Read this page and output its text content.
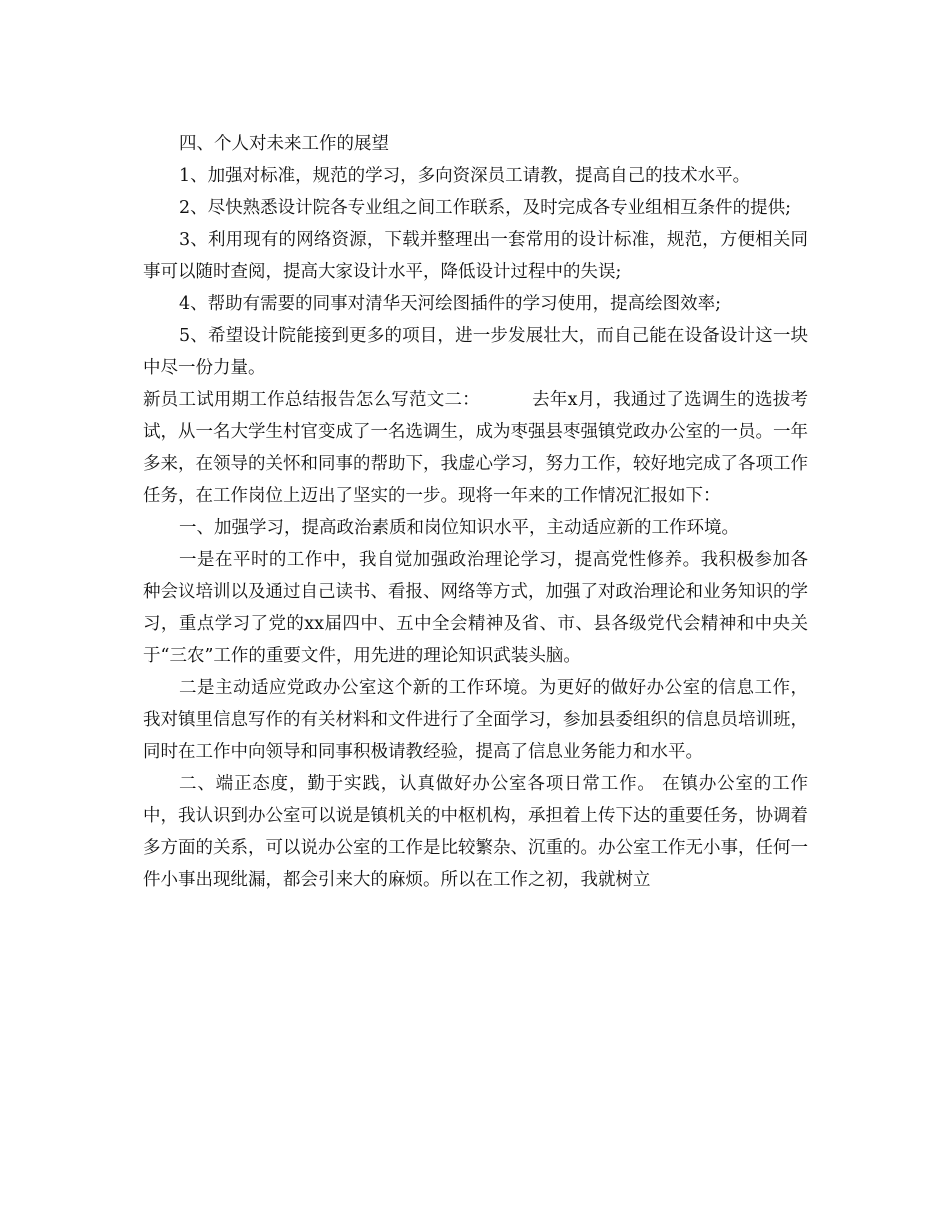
四、个人对未来工作的展望

1、加强对标准，规范的学习，多向资深员工请教，提高自己的技术水平。

2、尽快熟悉设计院各专业组之间工作联系，及时完成各专业组相互条件的提供;

3、利用现有的网络资源，下载并整理出一套常用的设计标准，规范，方便相关同事可以随时查阅，提高大家设计水平，降低设计过程中的失误;

4、帮助有需要的同事对清华天河绘图插件的学习使用，提高绘图效率;

5、希望设计院能接到更多的项目，进一步发展壮大，而自己能在设备设计这一块中尽一份力量。

新员工试用期工作总结报告怎么写范文二：	去年x月，我通过了选调生的选拔考试，从一名大学生村官变成了一名选调生，成为枣强县枣强镇党政办公室的一员。一年多来，在领导的关怀和同事的帮助下，我虚心学习，努力工作，较好地完成了各项工作任务，在工作岗位上迈出了坚实的一步。现将一年来的工作情况汇报如下：

一、加强学习，提高政治素质和岗位知识水平，主动适应新的工作环境。

一是在平时的工作中，我自觉加强政治理论学习，提高党性修养。我积极参加各种会议培训以及通过自己读书、看报、网络等方式，加强了对政治理论和业务知识的学习，重点学习了党的xx届四中、五中全会精神及省、市、县各级党代会精神和中央关于“三农”工作的重要文件，用先进的理论知识武装头脑。

二是主动适应党政办公室这个新的工作环境。为更好的做好办公室的信息工作，我对镇里信息写作的有关材料和文件进行了全面学习，参加县委组织的信息员培训班，同时在工作中向领导和同事积极请教经验，提高了信息业务能力和水平。

二、端正态度，勤于实践，认真做好办公室各项日常工作。 在镇办公室的工作中，我认识到办公室可以说是镇机关的中枢机构，承担着上传下达的重要任务，协调着多方面的关系，可以说办公室的工作是比较繁杂、沉重的。办公室工作无小事，任何一件小事出现纰漏，都会引来大的麻烦。所以在工作之初，我就树立
